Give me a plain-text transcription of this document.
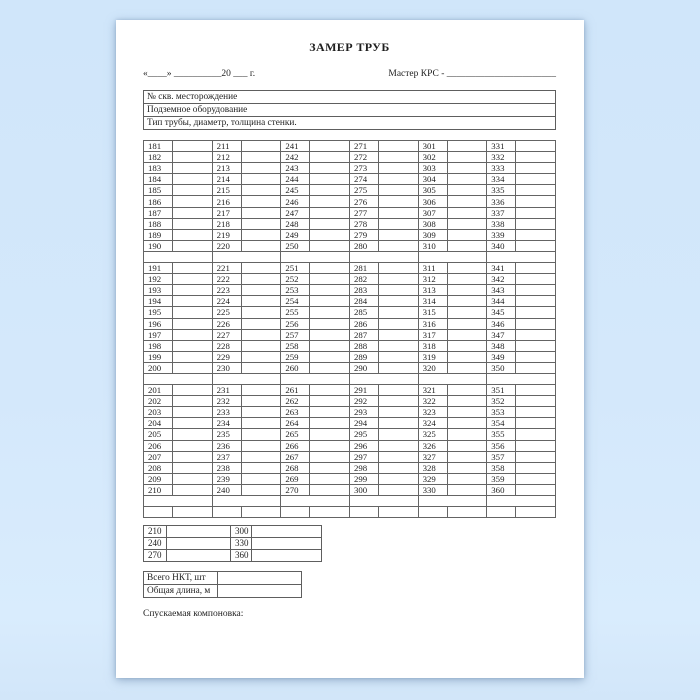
ЗАМЕР ТРУБ
«____» __________20 ___ г.	Мастер КРС - _______________________
№ скв. месторождение
Подземное оборудование
Тип трубы, диаметр, толщина стенки.
181		211		241		271		301		331	
182		212		242		272		302		332	
183		213		243		273		303		333	
184		214		244		274		304		334	
185		215		245		275		305		335	
186		216		246		276		306		336	
187		217		247		277		307		337	
188		218		248		278		308		338	
189		219		249		279		309		339	
190		220		250		280		310		340	

191		221		251		281		311		341	
192		222		252		282		312		342	
193		223		253		283		313		343	
194		224		254		284		314		344	
195		225		255		285		315		345	
196		226		256		286		316		346	
197		227		257		287		317		347	
198		228		258		288		318		348	
199		229		259		289		319		349	
200		230		260		290		320		350	

201		231		261		291		321		351	
202		232		262		292		322		352	
203		233		263		293		323		353	
204		234		264		294		324		354	
205		235		265		295		325		355	
206		236		266		296		326		356	
207		237		267		297		327		357	
208		238		268		298		328		358	
209		239		269		299		329		359	
210		240		270		300		330		360	

210		300	
240		330	
270		360	
Всего НКТ, шт	
Общая длина, м	
Спускаемая компоновка:
